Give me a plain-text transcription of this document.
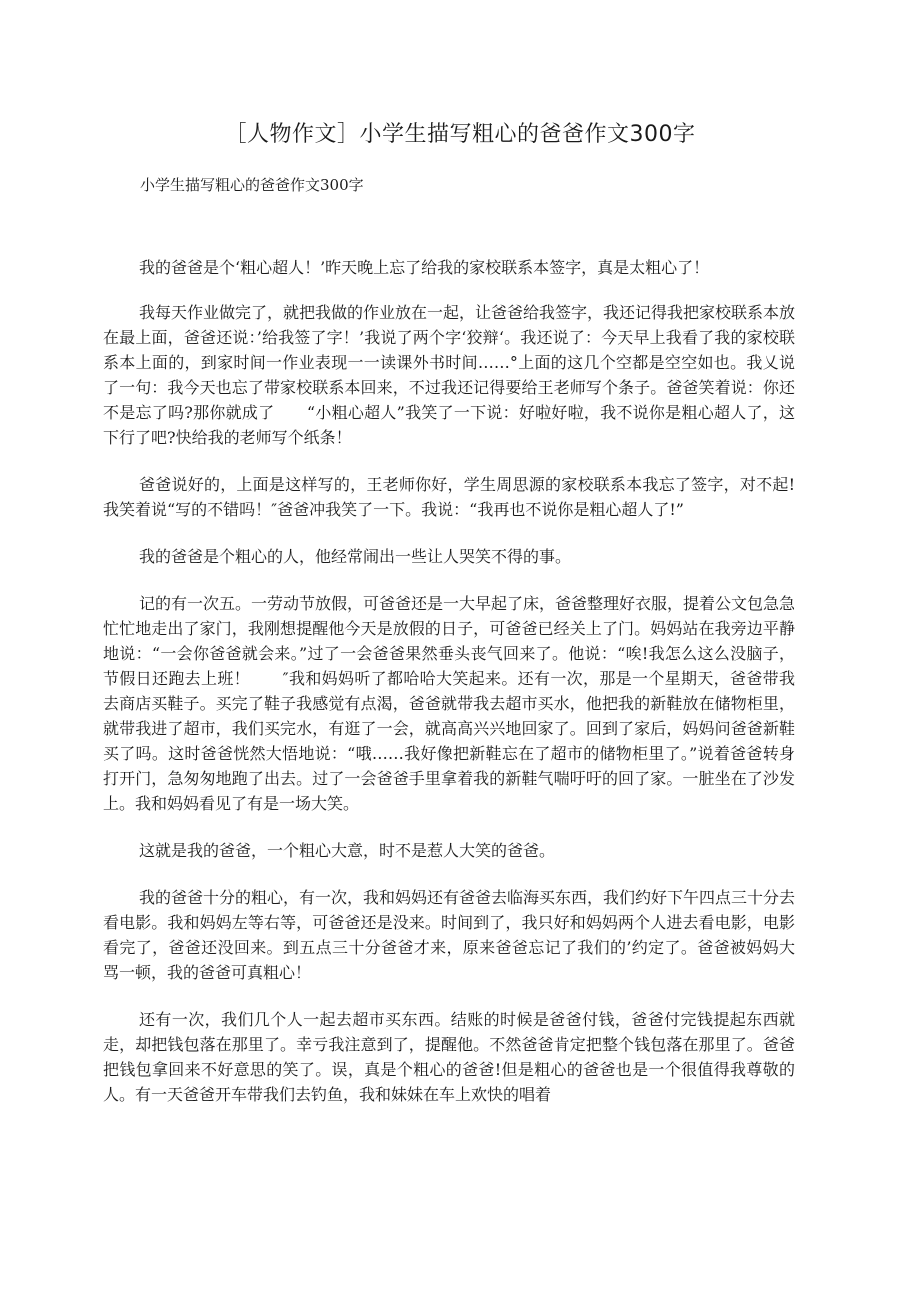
［人物作文］小学生描写粗心的爸爸作文300字
小学生描写粗心的爸爸作文300字

我的爸爸是个‘粗心超人！’昨天晚上忘了给我的家校联系本签字，真是太粗心了！

我每天作业做完了，就把我做的作业放在一起，让爸爸给我签字，我还记得我把家校联系本放在最上面，爸爸还说：’给我签了字！’我说了两个字‘狡辩‘。我还说了：今天早上我看了我的家校联系本上面的，到家时间一作业表现一一读课外书时间……°上面的这几个空都是空空如也。我乂说了一句：我今天也忘了带家校联系本回来，不过我还记得要给王老师写个条子。爸爸笑着说：你还不是忘了吗?那你就成了　　“小粗心超人”我笑了一下说：好啦好啦，我不说你是粗心超人了，这下行了吧?快给我的老师写个纸条！

爸爸说好的，上面是这样写的，王老师你好，学生周思源的家校联系本我忘了签字，对不起!我笑着说“写的不错吗！″爸爸冲我笑了一下。我说：“我再也不说你是粗心超人了!”

我的爸爸是个粗心的人，他经常闹出一些让人哭笑不得的事。

记的有一次五。一劳动节放假，可爸爸还是一大早起了床，爸爸整理好衣服，提着公文包急急忙忙地走出了家门，我刚想提醒他今天是放假的日子，可爸爸已经关上了门。妈妈站在我旁边平静地说：“一会你爸爸就会来。”过了一会爸爸果然垂头丧气回来了。他说：“唉!我怎么这么没脑子，节假日还跑去上班！　　″我和妈妈听了都哈哈大笑起来。还有一次，那是一个星期天，爸爸带我去商店买鞋子。买完了鞋子我感觉有点渴，爸爸就带我去超市买水，他把我的新鞋放在储物柜里，就带我进了超市，我们买完水，有逛了一会，就高高兴兴地回家了。回到了家后，妈妈问爸爸新鞋买了吗。这时爸爸恍然大悟地说：“哦……我好像把新鞋忘在了超市的储物柜里了。”说着爸爸转身打开门，急匆匆地跑了出去。过了一会爸爸手里拿着我的新鞋气喘吁吁的回了家。一脏坐在了沙发上。我和妈妈看见了有是一场大笑。

这就是我的爸爸，一个粗心大意，时不是惹人大笑的爸爸。

我的爸爸十分的粗心，有一次，我和妈妈还有爸爸去临海买东西，我们约好下午四点三十分去看电影。我和妈妈左等右等，可爸爸还是没来。时间到了，我只好和妈妈两个人进去看电影，电影看完了，爸爸还没回来。到五点三十分爸爸才来，原来爸爸忘记了我们的’约定了。爸爸被妈妈大骂一顿，我的爸爸可真粗心！

还有一次，我们几个人一起去超市买东西。结账的时候是爸爸付钱，爸爸付完钱提起东西就走，却把钱包落在那里了。幸亏我注意到了，提醒他。不然爸爸肯定把整个钱包落在那里了。爸爸把钱包拿回来不好意思的笑了。误，真是个粗心的爸爸!但是粗心的爸爸也是一个很值得我尊敬的人。有一天爸爸开车带我们去钓鱼，我和妹妹在车上欢快的唱着
